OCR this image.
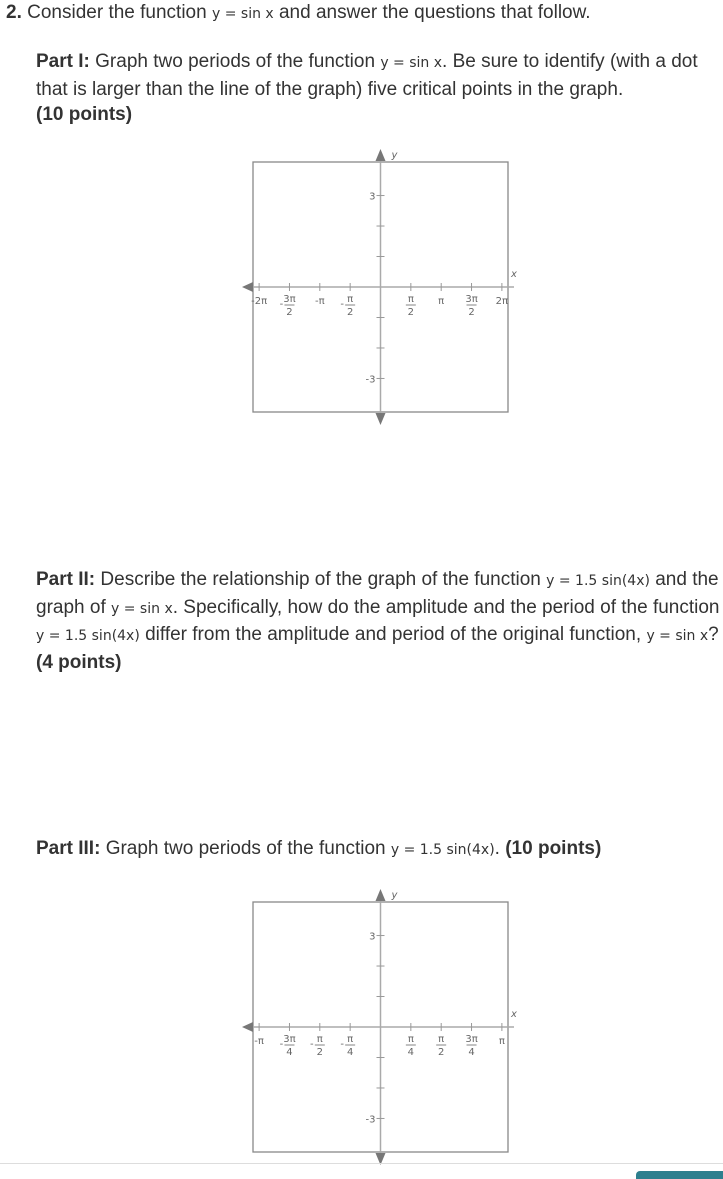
2. Consider the function y = sin x and answer the questions that follow.
Part I: Graph two periods of the function y = sin x. Be sure to identify (with a dot that is larger than the line of the graph) five critical points in the graph.
(10 points)
y
x
3
-3
-2π - 3π
2
-π - π
2
π
2
π 3π
2
2π
Part II: Describe the relationship of the graph of the function y = 1.5 sin(4x) and the graph of y = sin x. Specifically, how do the amplitude and the period of the function y = 1.5 sin(4x) differ from the amplitude and period of the original function, y = sin x? (4 points)
Part III: Graph two periods of the function y = 1.5 sin(4x). (10 points)
y
x
3
-3
-π - 3π
4
- π
2
- π
4
π
4
π
2
3π
4
π
